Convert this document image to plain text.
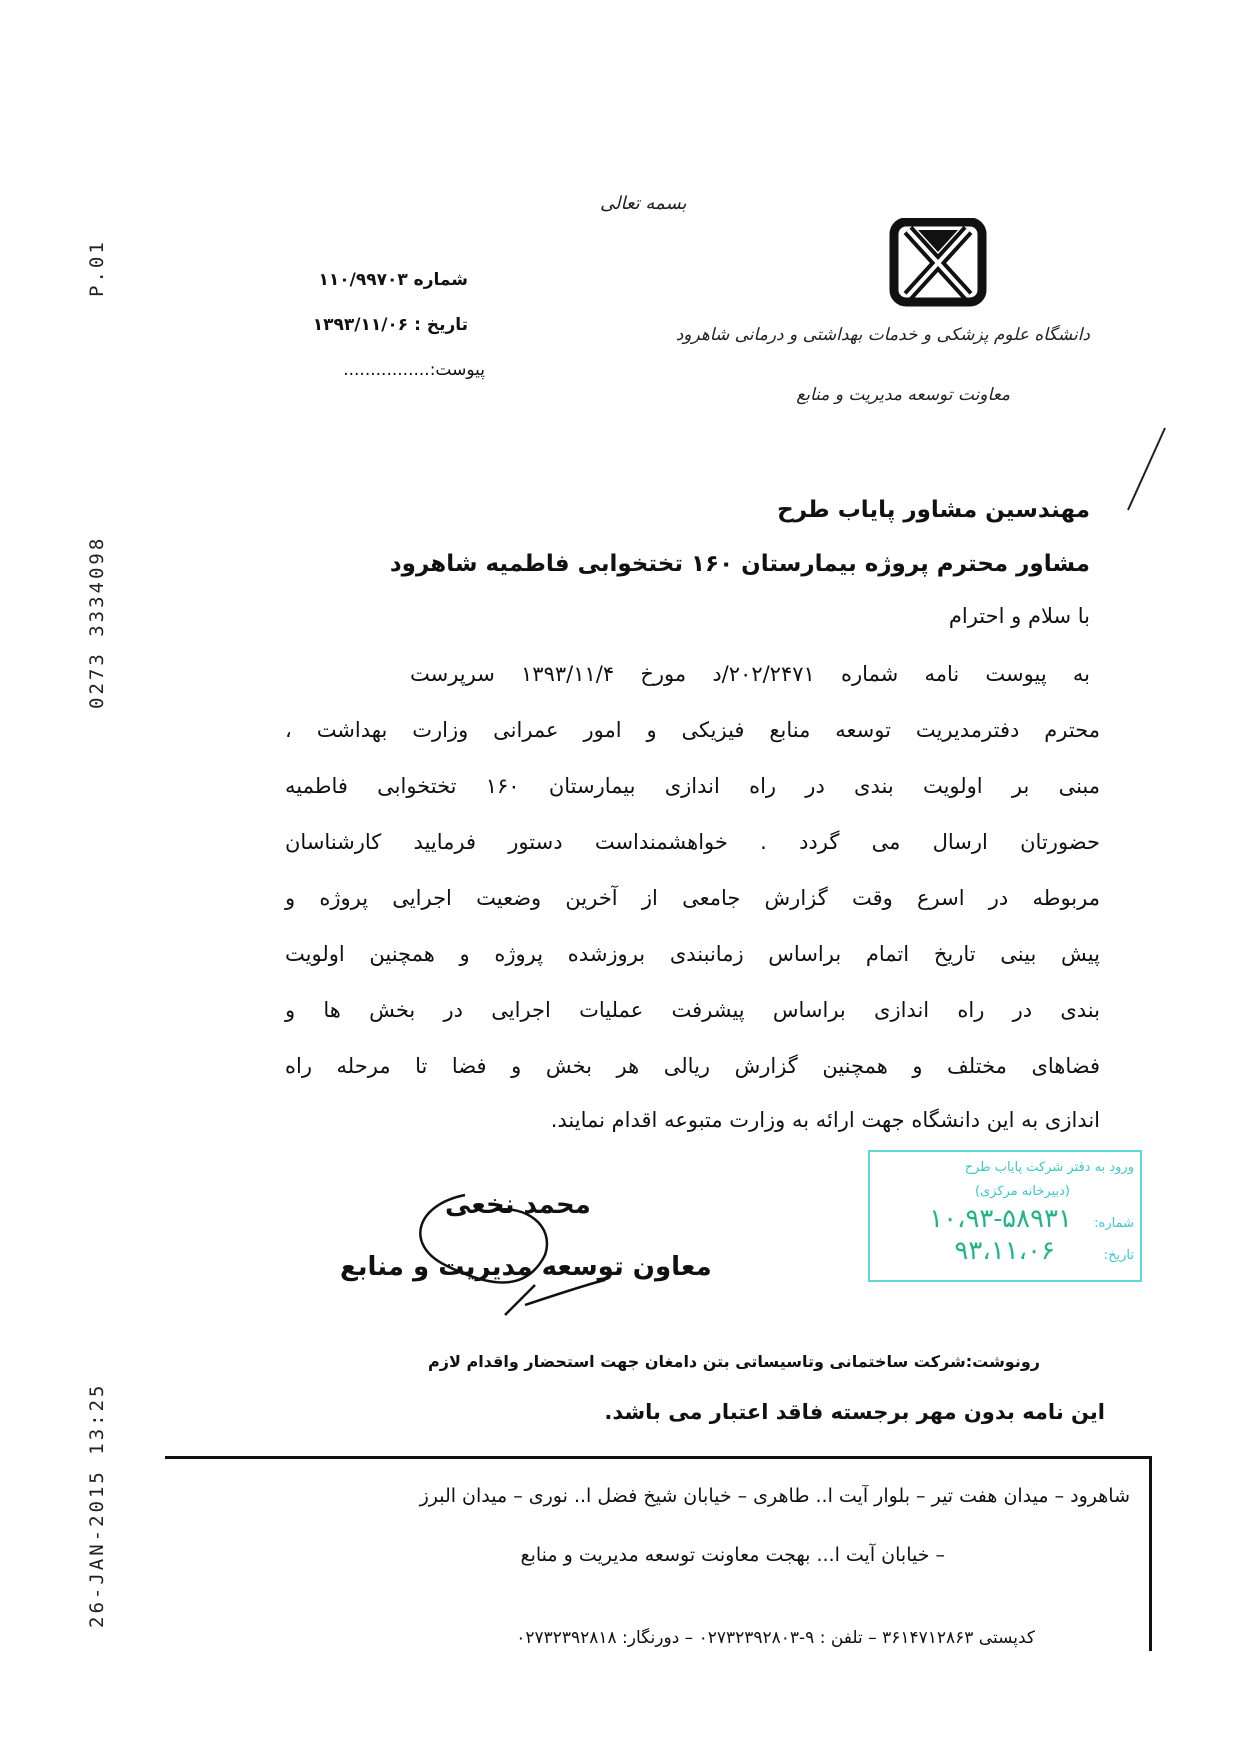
P.01
0273 3334098
26-JAN-2015 13:25
بسمه تعالی
دانشگاه علوم پزشکی و خدمات بهداشتی و درمانی شاهرود
معاونت توسعه مدیریت و منابع
شماره ۱۱۰/۹۹۷۰۳
تاریخ : ۱۳۹۳/۱۱/۰۶
پیوست:................
مهندسین مشاور پایاب طرح
مشاور محترم پروژه بیمارستان ۱۶۰ تختخوابی فاطمیه شاهرود
با سلام و احترام
به پیوست نامه شماره ۲۰۲/۲۴۷۱/د مورخ ۱۳۹۳/۱۱/۴ سرپرست
محترم دفترمدیریت توسعه منابع فیزیکی و امور عمرانی وزارت بهداشت ،
مبنی بر اولویت بندی در راه اندازی بیمارستان ۱۶۰ تختخوابی فاطمیه
حضورتان ارسال می گردد . خواهشمنداست دستور فرمایید کارشناسان
مربوطه در اسرع وقت گزارش جامعی از آخرین وضعیت اجرایی پروژه و
پیش بینی تاریخ اتمام براساس زمانبندی بروزشده پروژه و همچنین اولویت
بندی در راه اندازی براساس پیشرفت عملیات اجرایی در بخش ها و
فضاهای مختلف و همچنین گزارش ریالی هر بخش و فضا تا مرحله راه
اندازی به این دانشگاه جهت ارائه به وزارت متبوعه اقدام نمایند.
محمد نخعی
معاون توسعه مدیریت و منابع
ورود به دفتر شرکت پایاب طرح
(دبیرخانه مرکزی)
شماره:
۱۰،۹۳-۵۸۹۳۱
تاریخ:
۹۳،۱۱،۰۶
رونوشت:شرکت ساختمانی وتاسیساتی بتن دامغان جهت استحضار واقدام لازم
این نامه بدون مهر برجسته فاقد اعتبار می باشد.
شاهرود – میدان هفت تیر – بلوار آیت ا.. طاهری – خیابان شیخ فضل ا.. نوری – میدان البرز
– خیابان آیت ا... بهجت معاونت توسعه مدیریت و منابع
کدپستی ۳۶۱۴۷۱۲۸۶۳ – تلفن : ۹-۰۲۷۳۲۳۹۲۸۰۳ – دورنگار: ۰۲۷۳۲۳۹۲۸۱۸
